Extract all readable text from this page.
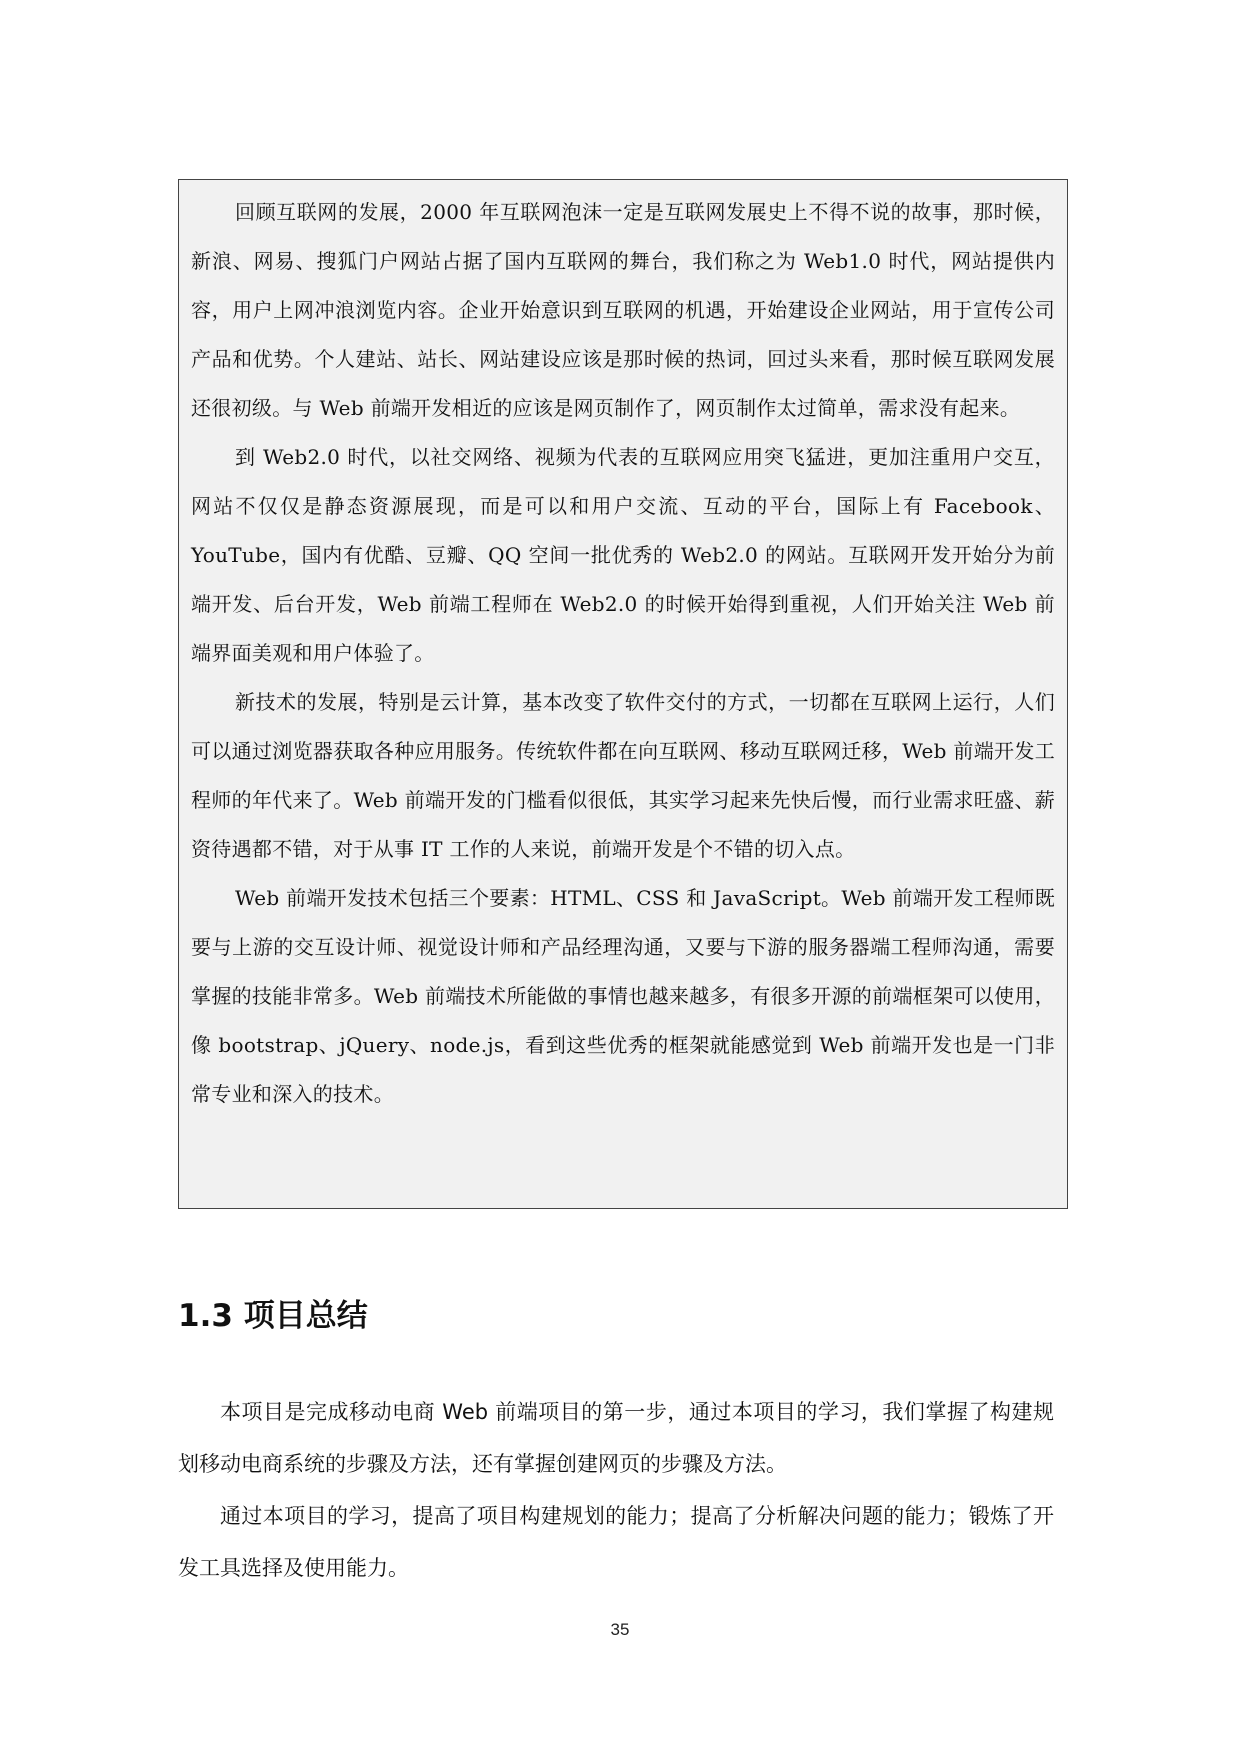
回顾互联网的发展，2000 年互联网泡沫一定是互联网发展史上不得不说的故事，那时候，新浪、网易、搜狐门户网站占据了国内互联网的舞台，我们称之为 Web1.0 时代，网站提供内容，用户上网冲浪浏览内容。企业开始意识到互联网的机遇，开始建设企业网站，用于宣传公司产品和优势。个人建站、站长、网站建设应该是那时候的热词，回过头来看，那时候互联网发展还很初级。与 Web 前端开发相近的应该是网页制作了，网页制作太过简单，需求没有起来。

到 Web2.0 时代，以社交网络、视频为代表的互联网应用突飞猛进，更加注重用户交互，网站不仅仅是静态资源展现，而是可以和用户交流、互动的平台，国际上有 Facebook、YouTube，国内有优酷、豆瓣、QQ 空间一批优秀的 Web2.0 的网站。互联网开发开始分为前端开发、后台开发，Web 前端工程师在 Web2.0 的时候开始得到重视，人们开始关注 Web 前端界面美观和用户体验了。

新技术的发展，特别是云计算，基本改变了软件交付的方式，一切都在互联网上运行，人们可以通过浏览器获取各种应用服务。传统软件都在向互联网、移动互联网迁移，Web 前端开发工程师的年代来了。Web 前端开发的门槛看似很低，其实学习起来先快后慢，而行业需求旺盛、薪资待遇都不错，对于从事 IT 工作的人来说，前端开发是个不错的切入点。

Web 前端开发技术包括三个要素：HTML、CSS 和 JavaScript。Web 前端开发工程师既要与上游的交互设计师、视觉设计师和产品经理沟通，又要与下游的服务器端工程师沟通，需要掌握的技能非常多。Web 前端技术所能做的事情也越来越多，有很多开源的前端框架可以使用，像 bootstrap、jQuery、node.js，看到这些优秀的框架就能感觉到 Web 前端开发也是一门非常专业和深入的技术。

1.3 项目总结

本项目是完成移动电商 Web 前端项目的第一步，通过本项目的学习，我们掌握了构建规划移动电商系统的步骤及方法，还有掌握创建网页的步骤及方法。

通过本项目的学习，提高了项目构建规划的能力；提高了分析解决问题的能力；锻炼了开发工具选择及使用能力。

35
